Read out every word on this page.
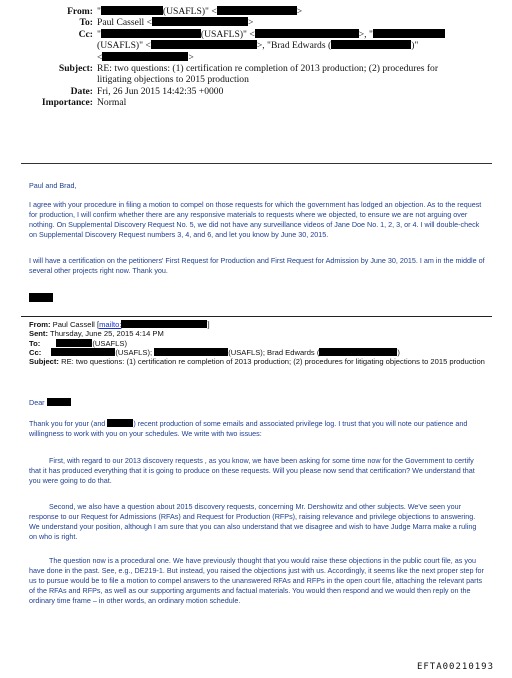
From: "	(USAFLS)" <	>
To: Paul Cassell <	>
Cc: "	(USAFLS)" <	>, "
(USAFLS)" <	>, "Brad Edwards (	)"
<	>
Subject: RE: two questions: (1) certification re completion of 2013 production; (2) procedures for
litigating objections to 2015 production
Date: Fri, 26 Jun 2015 14:42:35 +0000
Importance: Normal
Paul and Brad,
I agree with your procedure in filing a motion to compel on those requests for which the government has lodged an objection. As to the request for production, I will confirm whether there are any responsive materials to requests where we objected, to ensure we are not arguing over nothing. On Supplemental Discovery Request No. 5, we did not have any surveillance videos of Jane Doe No. 1, 2, 3, or 4. I will double-check on Supplemental Discovery Request numbers 3, 4, and 6, and let you know by June 30, 2015.
I will have a certification on the petitioners' First Request for Production and First Request for Admission by June 30, 2015. I am in the middle of several other projects right now. Thank you.
From: Paul Cassell [mailto:	]
Sent: Thursday, June 25, 2015 4:14 PM
To:	(USAFLS)
Cc:	(USAFLS);	(USAFLS); Brad Edwards (	)
Subject: RE: two questions: (1) certification re completion of 2013 production; (2) procedures for litigating objections to 2015 production
Dear
Thank you for your (and	) recent production of some emails and associated privilege log. I trust that you will note our patience and willingness to work with you on your schedules. We write with two issues:
First, with regard to our 2013 discovery requests , as you know, we have been asking for some time now for the Government to certify that it has produced everything that it is going to produce on these requests. Will you please now send that certification? We understand that you were going to do that.
Second, we also have a question about 2015 discovery requests, concerning Mr. Dershowitz and other subjects. We've seen your response to our Request for Admissions (RFAs) and Request for Production (RFPs), raising relevance and privilege objections to answering. We understand your position, although I am sure that you can also understand that we disagree and wish to have Judge Marra make a ruling on who is right.
The question now is a procedural one. We have previously thought that you would raise these objections in the public court file, as you have done in the past. See, e.g., DE219-1. But instead, you raised the objections just with us. Accordingly, it seems like the next proper step for us to pursue would be to file a motion to compel answers to the unanswered RFAs and RFPs in the open court file, attaching the relevant parts of the RFAs and RFPs, as well as our supporting arguments and factual materials. You would then respond and we would then reply on the ordinary time frame – in other words, an ordinary motion schedule.
EFTA00210193
